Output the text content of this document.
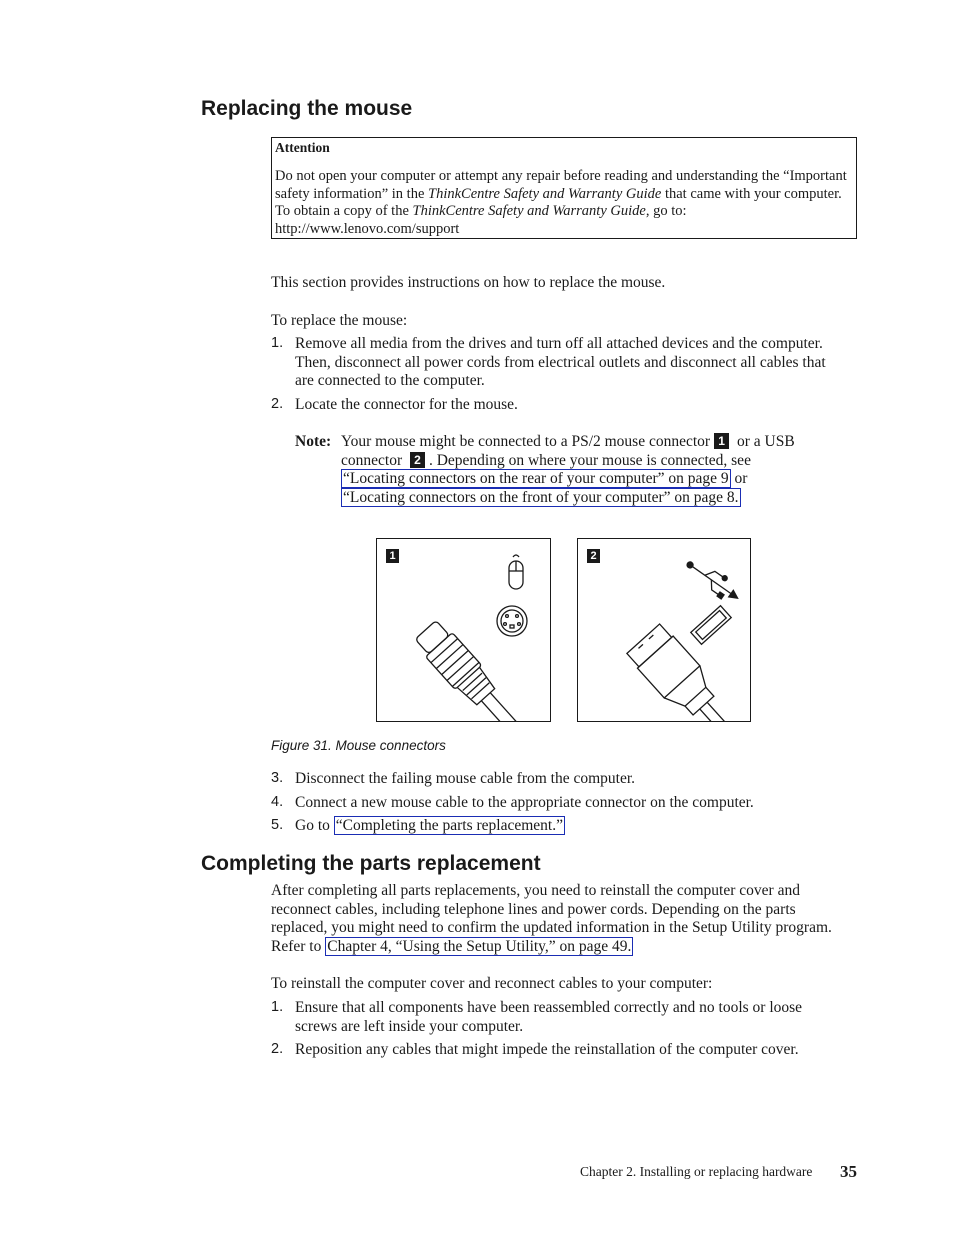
Replacing the mouse
Attention

Do not open your computer or attempt any repair before reading and understanding the “Important safety information” in the ThinkCentre Safety and Warranty Guide that came with your computer. To obtain a copy of the ThinkCentre Safety and Warranty Guide, go to: http://www.lenovo.com/support

This section provides instructions on how to replace the mouse.

To replace the mouse:

1. Remove all media from the drives and turn off all attached devices and the computer. Then, disconnect all power cords from electrical outlets and disconnect all cables that are connected to the computer.

2. Locate the connector for the mouse.

Note: Your mouse might be connected to a PS/2 mouse connector 1 or a USB connector 2 . Depending on where your mouse is connected, see
“Locating connectors on the rear of your computer” on page 9 or
“Locating connectors on the front of your computer” on page 8.

1	2

Figure 31. Mouse connectors

3. Disconnect the failing mouse cable from the computer.

4. Connect a new mouse cable to the appropriate connector on the computer.

5. Go to “Completing the parts replacement.”

Completing the parts replacement

After completing all parts replacements, you need to reinstall the computer cover and reconnect cables, including telephone lines and power cords. Depending on the parts replaced, you might need to confirm the updated information in the Setup Utility program. Refer to Chapter 4, “Using the Setup Utility,” on page 49.

To reinstall the computer cover and reconnect cables to your computer:

1. Ensure that all components have been reassembled correctly and no tools or loose screws are left inside your computer.

2. Reposition any cables that might impede the reinstallation of the computer cover.

Chapter 2. Installing or replacing hardware 35
